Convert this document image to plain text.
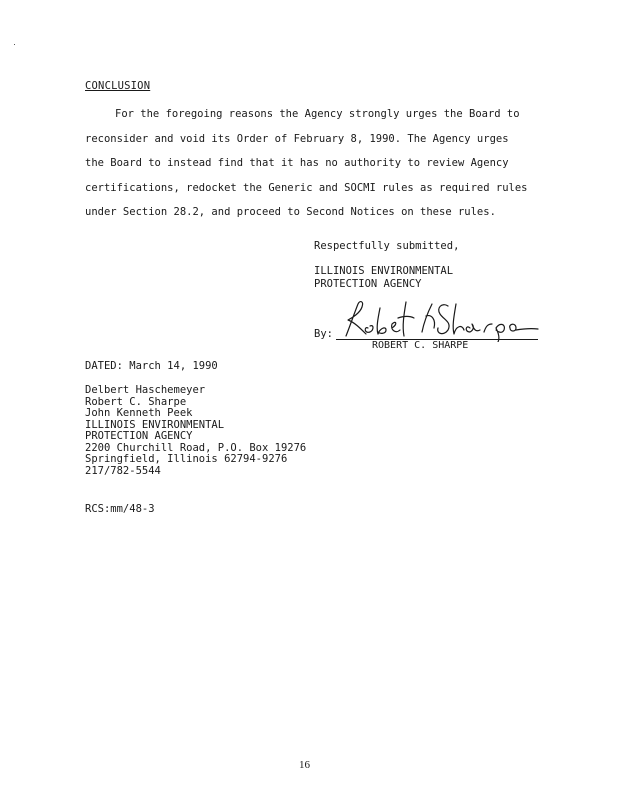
CONCLUSION
For the foregoing reasons the Agency strongly urges the Board to
reconsider and void its Order of February 8, 1990. The Agency urges
the Board to instead find that it has no authority to review Agency
certifications, redocket the Generic and SOCMI rules as required rules
under Section 28.2, and proceed to Second Notices on these rules.
Respectfully submitted,
ILLINOIS ENVIRONMENTAL
PROTECTION AGENCY
By:
ROBERT C. SHARPE
DATED: March 14, 1990
Delbert Haschemeyer
Robert C. Sharpe
John Kenneth Peek
ILLINOIS ENVIRONMENTAL
PROTECTION AGENCY
2200 Churchill Road, P.O. Box 19276
Springfield, Illinois 62794-9276
217/782-5544
RCS:mm/48-3
16
